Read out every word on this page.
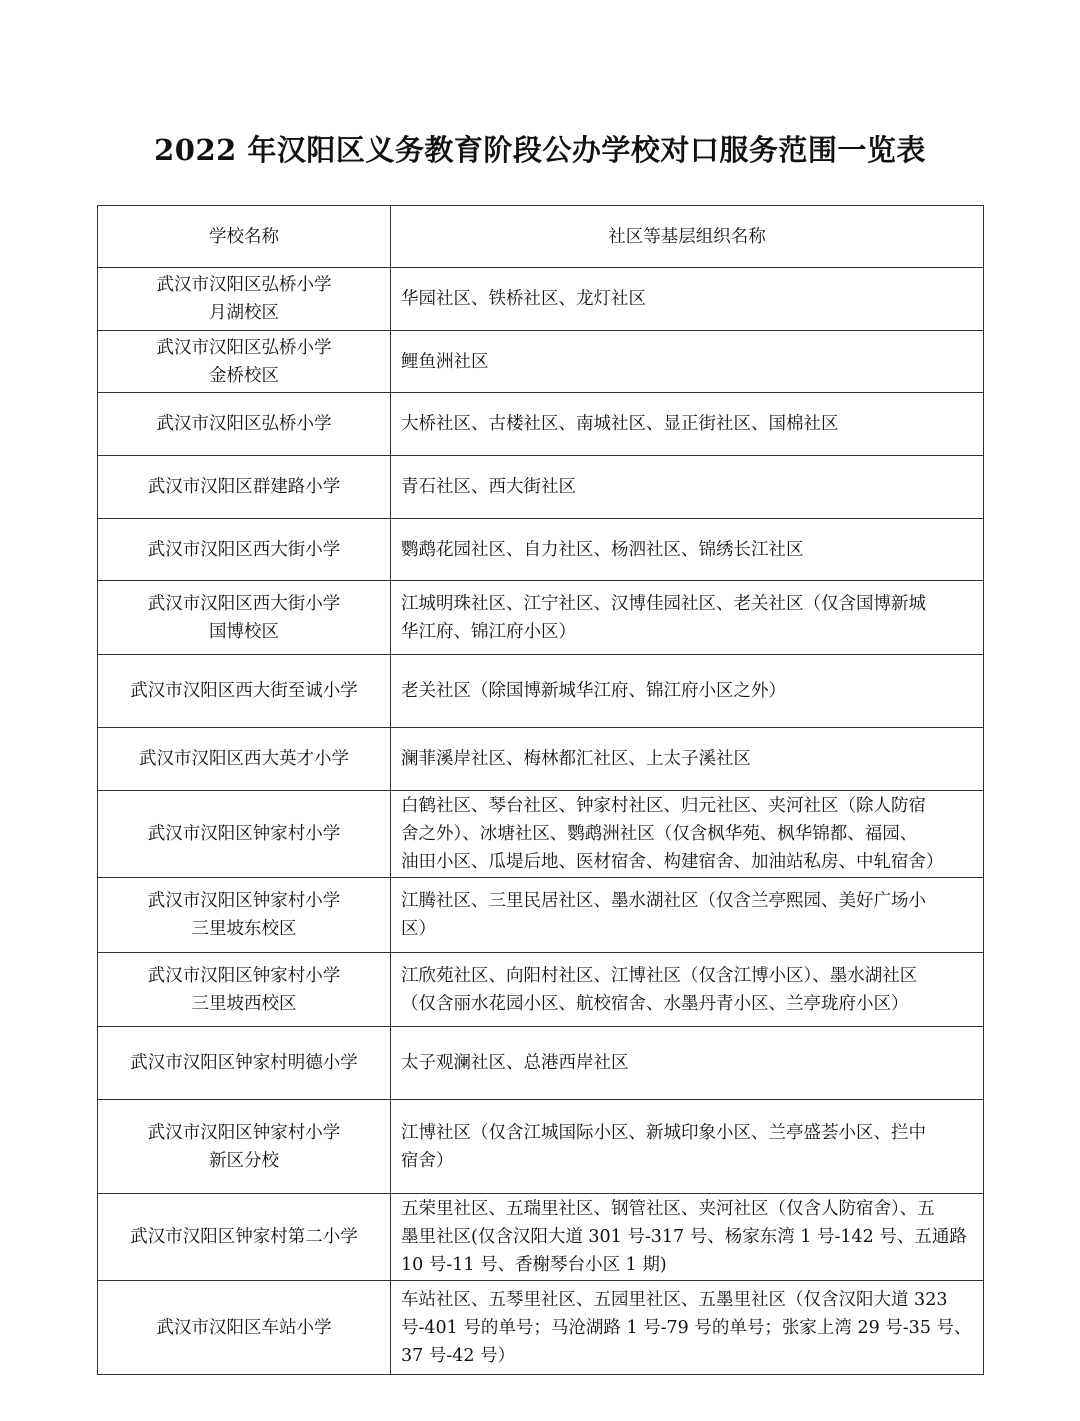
2022 年汉阳区义务教育阶段公办学校对口服务范围一览表
学校名称	社区等基层组织名称

武汉市汉阳区弘桥小学
月湖校区	华园社区、铁桥社区、龙灯社区

武汉市汉阳区弘桥小学
金桥校区	鲤鱼洲社区

武汉市汉阳区弘桥小学	大桥社区、古楼社区、南城社区、显正街社区、国棉社区

武汉市汉阳区群建路小学	青石社区、西大街社区

武汉市汉阳区西大街小学	鹦鹉花园社区、自力社区、杨泗社区、锦绣长江社区

武汉市汉阳区西大街小学
国博校区	江城明珠社区、江宁社区、汉博佳园社区、老关社区（仅含国博新城
华江府、锦江府小区）

武汉市汉阳区西大街至诚小学	老关社区（除国博新城华江府、锦江府小区之外）

武汉市汉阳区西大英才小学	澜菲溪岸社区、梅林都汇社区、上太子溪社区

武汉市汉阳区钟家村小学	白鹤社区、琴台社区、钟家村社区、归元社区、夹河社区（除人防宿
舍之外）、冰塘社区、鹦鹉洲社区（仅含枫华苑、枫华锦都、福园、
油田小区、瓜堤后地、医材宿舍、构建宿舍、加油站私房、中轧宿舍）

武汉市汉阳区钟家村小学
三里坡东校区	江腾社区、三里民居社区、墨水湖社区（仅含兰亭熙园、美好广场小
区）

武汉市汉阳区钟家村小学
三里坡西校区	江欣苑社区、向阳村社区、江博社区（仅含江博小区）、墨水湖社区
（仅含丽水花园小区、航校宿舍、水墨丹青小区、兰亭珑府小区）

武汉市汉阳区钟家村明德小学	太子观澜社区、总港西岸社区

武汉市汉阳区钟家村小学
新区分校	江博社区（仅含江城国际小区、新城印象小区、兰亭盛荟小区、拦中
宿舍）

武汉市汉阳区钟家村第二小学	五荣里社区、五瑞里社区、钢管社区、夹河社区（仅含人防宿舍）、五
墨里社区(仅含汉阳大道 301 号-317 号、杨家东湾 1 号-142 号、五通路
10 号-11 号、香榭琴台小区 1 期)

武汉市汉阳区车站小学	车站社区、五琴里社区、五园里社区、五墨里社区（仅含汉阳大道 323
号-401 号的单号；马沧湖路 1 号-79 号的单号；张家上湾 29 号-35 号、
37 号-42 号）
